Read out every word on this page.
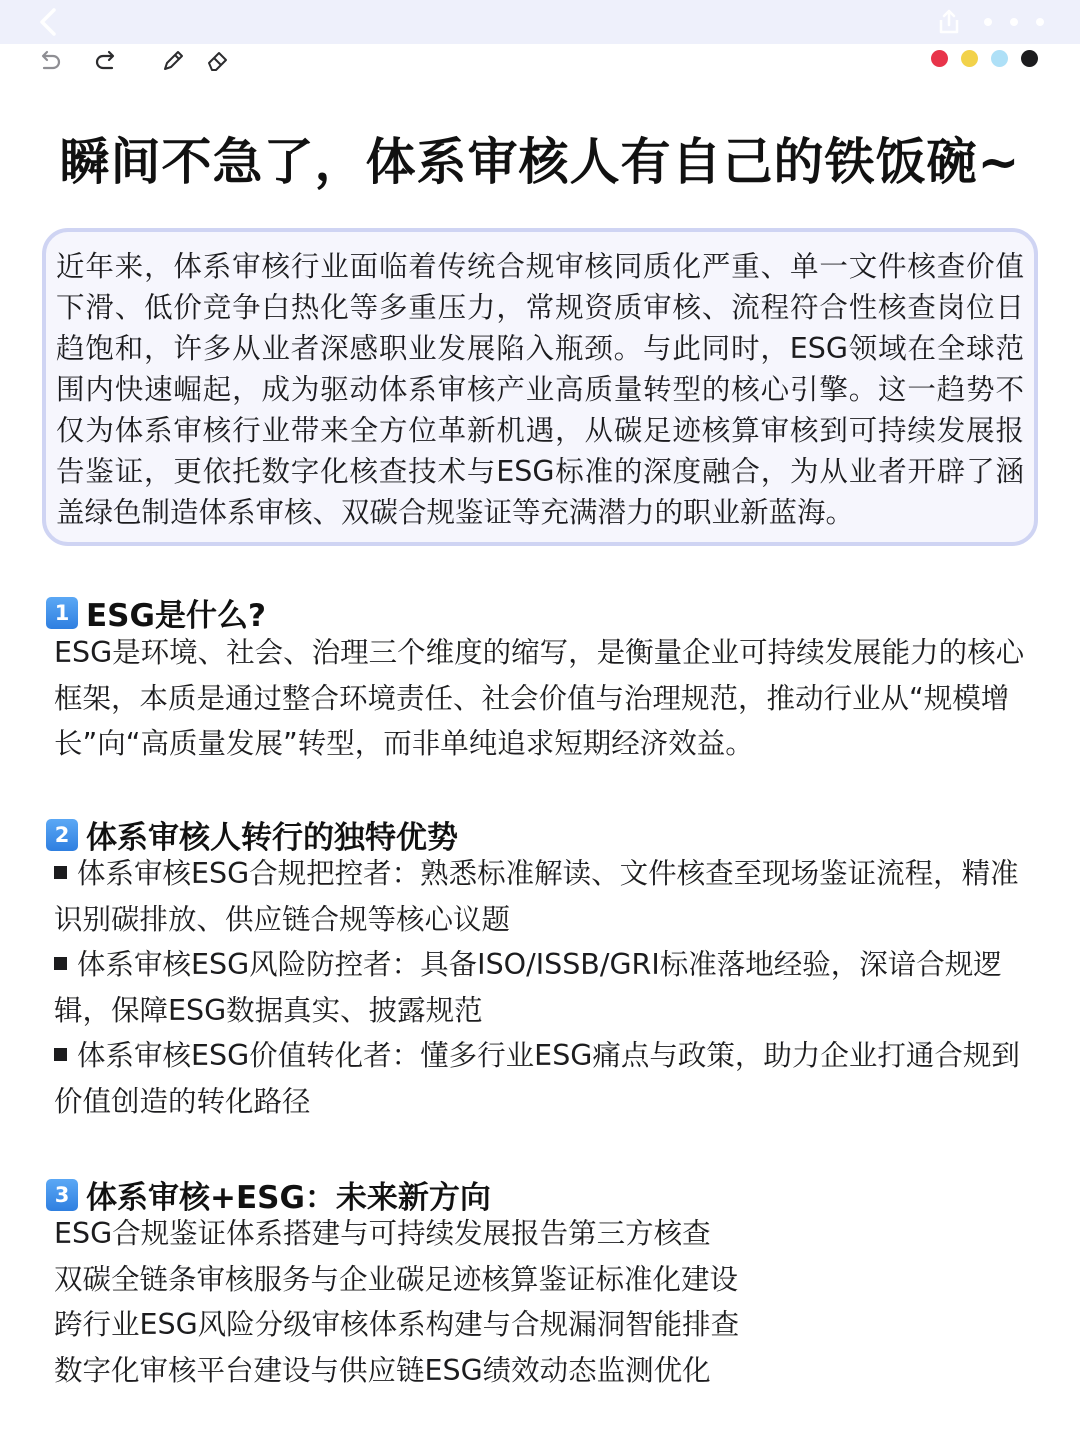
瞬间不急了，体系审核人有自己的铁饭碗~

近年来，体系审核行业面临着传统合规审核同质化严重、单一文件核查价值下滑、低价竞争白热化等多重压力，常规资质审核、流程符合性核查岗位日趋饱和，许多从业者深感职业发展陷入瓶颈。与此同时，ESG领域在全球范围内快速崛起，成为驱动体系审核产业高质量转型的核心引擎。这一趋势不仅为体系审核行业带来全方位革新机遇，从碳足迹核算审核到可持续发展报告鉴证，更依托数字化核查技术与ESG标准的深度融合，为从业者开辟了涵盖绿色制造体系审核、双碳合规鉴证等充满潜力的职业新蓝海。

1 ESG是什么?

ESG是环境、社会、治理三个维度的缩写，是衡量企业可持续发展能力的核心框架，本质是通过整合环境责任、社会价值与治理规范，推动行业从“规模增长”向“高质量发展”转型，而非单纯追求短期经济效益。

2 体系审核人转行的独特优势
体系审核ESG合规把控者：熟悉标准解读、文件核查至现场鉴证流程，精准识别碳排放、供应链合规等核心议题
体系审核ESG风险防控者：具备ISO/ISSB/GRI标准落地经验，深谙合规逻辑，保障ESG数据真实、披露规范
体系审核ESG价值转化者：懂多行业ESG痛点与政策，助力企业打通合规到价值创造的转化路径
3 体系审核+ESG：未来新方向
ESG合规鉴证体系搭建与可持续发展报告第三方核查
双碳全链条审核服务与企业碳足迹核算鉴证标准化建设
跨行业ESG风险分级审核体系构建与合规漏洞智能排查
数字化审核平台建设与供应链ESG绩效动态监测优化
